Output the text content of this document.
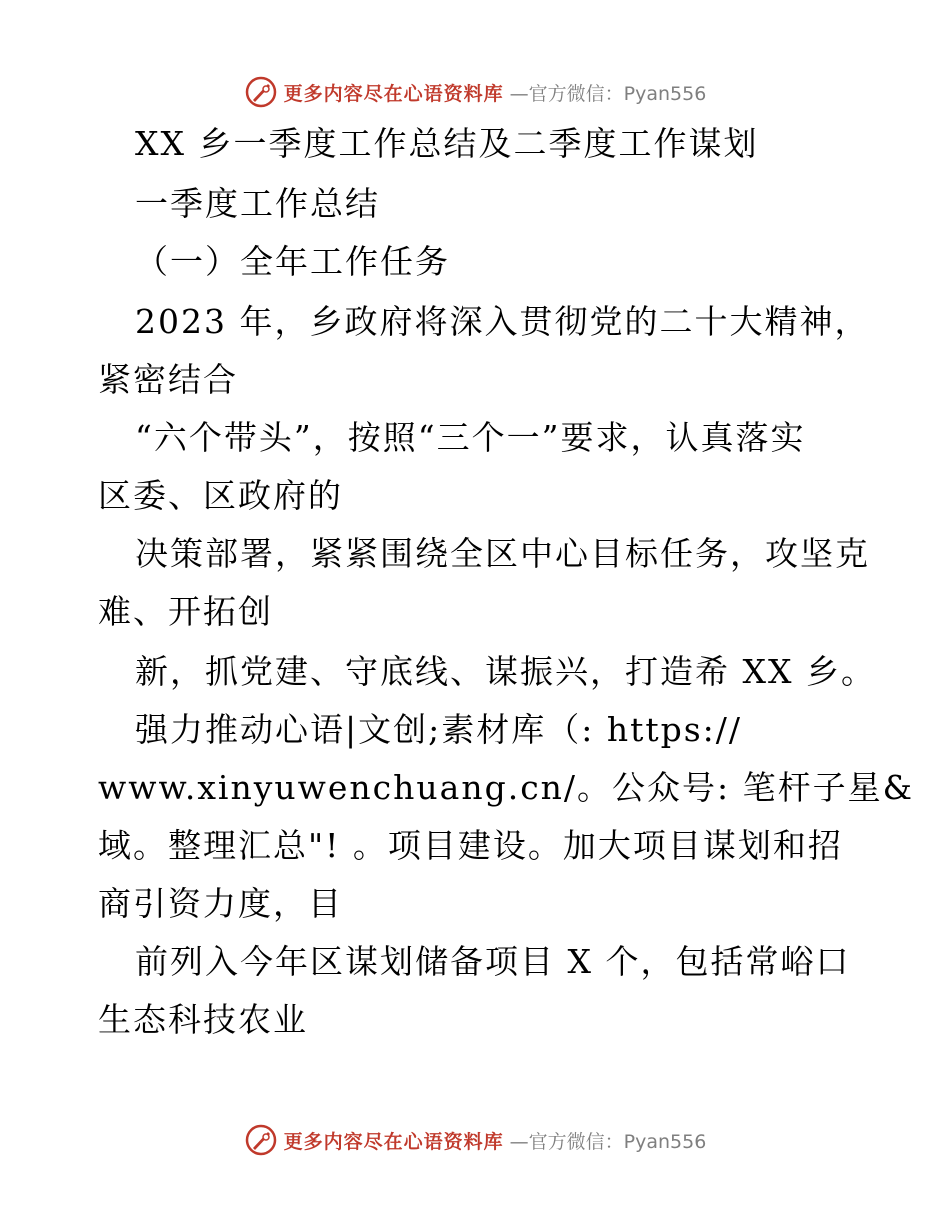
更多内容尽在心语资料库 —官方微信：Pyan556
XX 乡一季度工作总结及二季度工作谋划
一季度工作总结
（一）全年工作任务
2023 年，乡政府将深入贯彻党的二十大精神，
紧密结合
“六个带头”，按照“三个一”要求，认真落实
区委、区政府的
决策部署，紧紧围绕全区中心目标任务，攻坚克
难、开拓创
新，抓党建、守底线、谋振兴，打造希 XX 乡。
强力推动心语|文创;素材库（: https://
www.xinyuwenchuang.cn/。公众号: 笔杆子星&
域。整理汇总"! 。项目建设。加大项目谋划和招
商引资力度，目
前列入今年区谋划储备项目 X 个，包括常峪口
生态科技农业
更多内容尽在心语资料库 —官方微信：Pyan556
